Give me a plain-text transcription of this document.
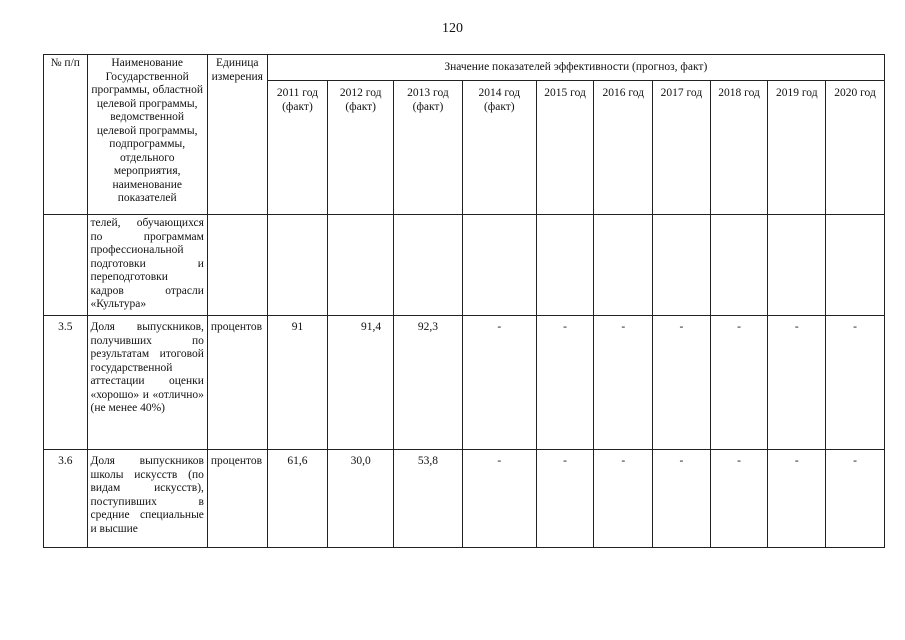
120
№ п/п	Наименование Государственной программы, областной целевой программы, ведомственной целевой программы, подпрограммы, отдельного мероприятия, наименование показателей	Единица измерения	Значение показателей эффективности (прогноз, факт)									
			2011 год (факт)	2012 год (факт)	2013 год (факт)	2014 год (факт)	2015 год	2016 год	2017 год	2018 год	2019 год	2020 год
	телей, обучающихся по программам профессиональной подготовки и переподготовки кадров отрасли «Культура»											
3.5	Доля выпускников, получивших по результатам итоговой государственной аттестации оценки «хорошо» и «отлично» (не менее 40%)	процентов	91	91,4	92,3	-	-	-	-	-	-	-
3.6	Доля выпускников школы искусств (по видам искусств), поступивших в средние специальные и высшие	процентов	61,6	30,0	53,8	-	-	-	-	-	-	-
